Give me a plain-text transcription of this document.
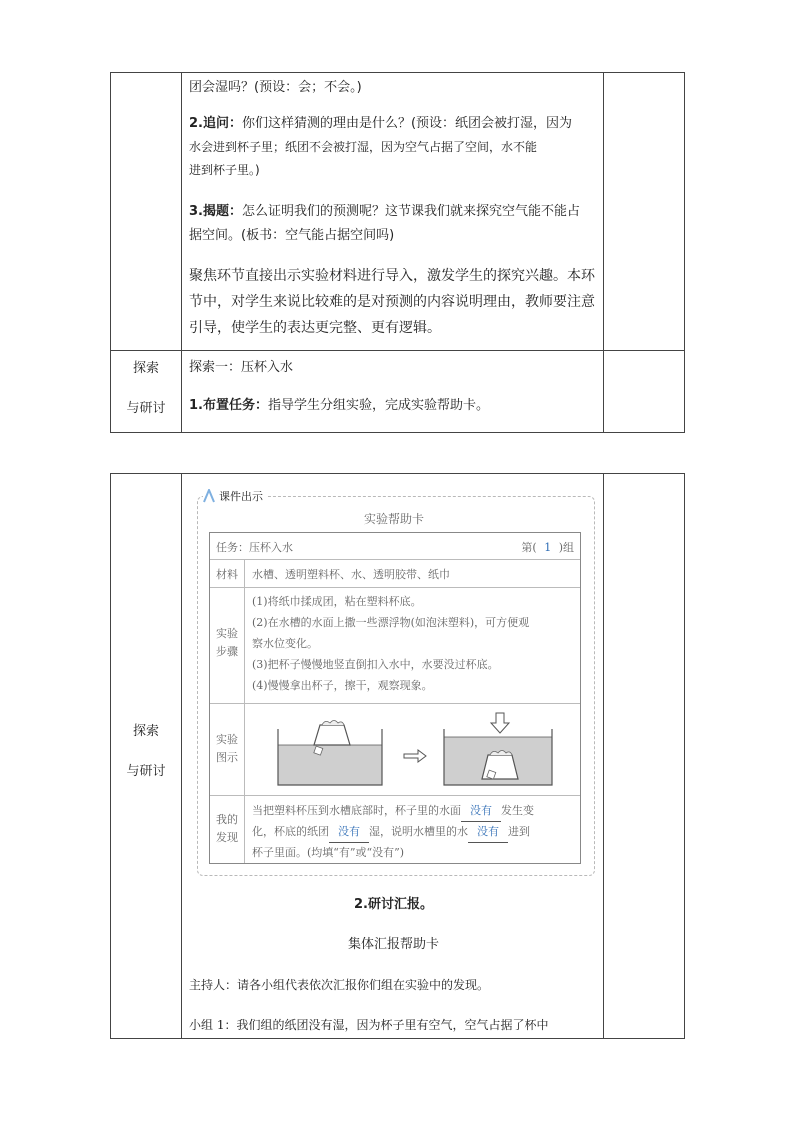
团会湿吗？(预设：会；不会。)
2.追问：你们这样猜测的理由是什么？(预设：纸团会被打湿，因为
水会进到杯子里；纸团不会被打湿，因为空气占据了空间，水不能
进到杯子里。)
3.揭题：怎么证明我们的预测呢？这节课我们就来探究空气能不能占
据空间。(板书：空气能占据空间吗)
聚焦环节直接出示实验材料进行导入，激发学生的探究兴趣。本环
节中，对学生来说比较难的是对预测的内容说明理由，教师要注意
引导，使学生的表达更完整、更有逻辑。
探索
与研讨
探索一：压杯入水
1.布置任务：指导学生分组实验，完成实验帮助卡。
探索
与研讨
课件出示
实验帮助卡
任务：压杯入水	第( 1 )组
材料	水槽、透明塑料杯、水、透明胶带、纸巾
实验
步骤
(1)将纸巾揉成团，粘在塑料杯底。
(2)在水槽的水面上撒一些漂浮物(如泡沫塑料)，可方便观
察水位变化。
(3)把杯子慢慢地竖直倒扣入水中，水要没过杯底。
(4)慢慢拿出杯子，擦干，观察现象。
实验
图示
我的
发现
当把塑料杯压到水槽底部时，杯子里的水面 没有 发生变
化，杯底的纸团 没有 湿，说明水槽里的水 没有 进到
杯子里面。(均填“有”或“没有”)
2.研讨汇报。
集体汇报帮助卡
主持人：请各小组代表依次汇报你们组在实验中的发现。
小组 1：我们组的纸团没有湿，因为杯子里有空气，空气占据了杯中
